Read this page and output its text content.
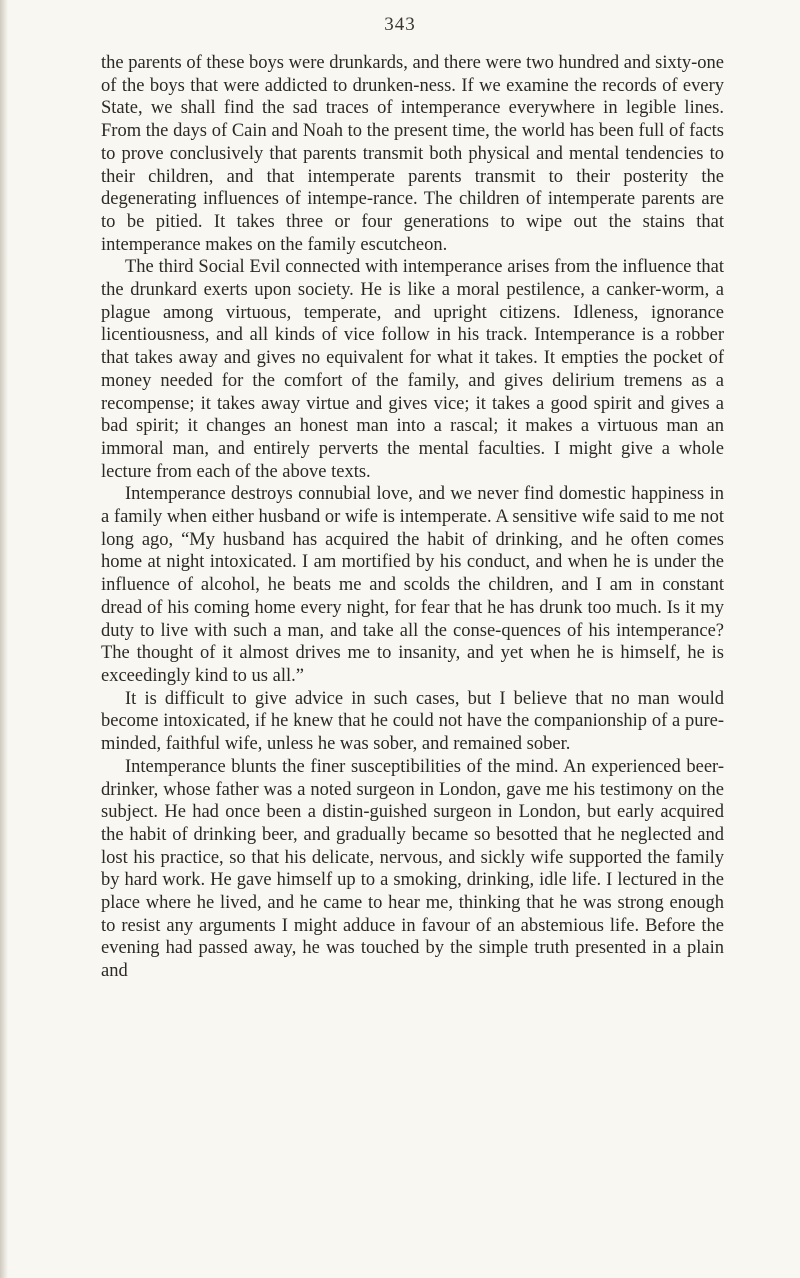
343

the parents of these boys were drunkards, and there were two hundred and sixty-one of the boys that were addicted to drunken-ness. If we examine the records of every State, we shall find the sad traces of intemperance everywhere in legible lines. From the days of Cain and Noah to the present time, the world has been full of facts to prove conclusively that parents transmit both physical and mental tendencies to their children, and that intemperate parents transmit to their posterity the degenerating influences of intempe-rance. The children of intemperate parents are to be pitied. It takes three or four generations to wipe out the stains that intemperance makes on the family escutcheon.

The third Social Evil connected with intemperance arises from the influence that the drunkard exerts upon society. He is like a moral pestilence, a canker-worm, a plague among virtuous, temperate, and upright citizens. Idleness, ignorance licentiousness, and all kinds of vice follow in his track. Intemperance is a robber that takes away and gives no equivalent for what it takes. It empties the pocket of money needed for the comfort of the family, and gives delirium tremens as a recompense; it takes away virtue and gives vice; it takes a good spirit and gives a bad spirit; it changes an honest man into a rascal; it makes a virtuous man an immoral man, and entirely perverts the mental faculties. I might give a whole lecture from each of the above texts.

Intemperance destroys connubial love, and we never find domestic happiness in a family when either husband or wife is intemperate. A sensitive wife said to me not long ago, “My husband has acquired the habit of drinking, and he often comes home at night intoxicated. I am mortified by his conduct, and when he is under the influence of alcohol, he beats me and scolds the children, and I am in constant dread of his coming home every night, for fear that he has drunk too much. Is it my duty to live with such a man, and take all the conse-quences of his intemperance? The thought of it almost drives me to insanity, and yet when he is himself, he is exceedingly kind to us all.”

It is difficult to give advice in such cases, but I believe that no man would become intoxicated, if he knew that he could not have the companionship of a pure-minded, faithful wife, unless he was sober, and remained sober.

Intemperance blunts the finer susceptibilities of the mind. An experienced beer-drinker, whose father was a noted surgeon in London, gave me his testimony on the subject. He had once been a distin-guished surgeon in London, but early acquired the habit of drinking beer, and gradually became so besotted that he neglected and lost his practice, so that his delicate, nervous, and sickly wife supported the family by hard work. He gave himself up to a smoking, drinking, idle life. I lectured in the place where he lived, and he came to hear me, thinking that he was strong enough to resist any arguments I might adduce in favour of an abstemious life. Before the evening had passed away, he was touched by the simple truth presented in a plain and
